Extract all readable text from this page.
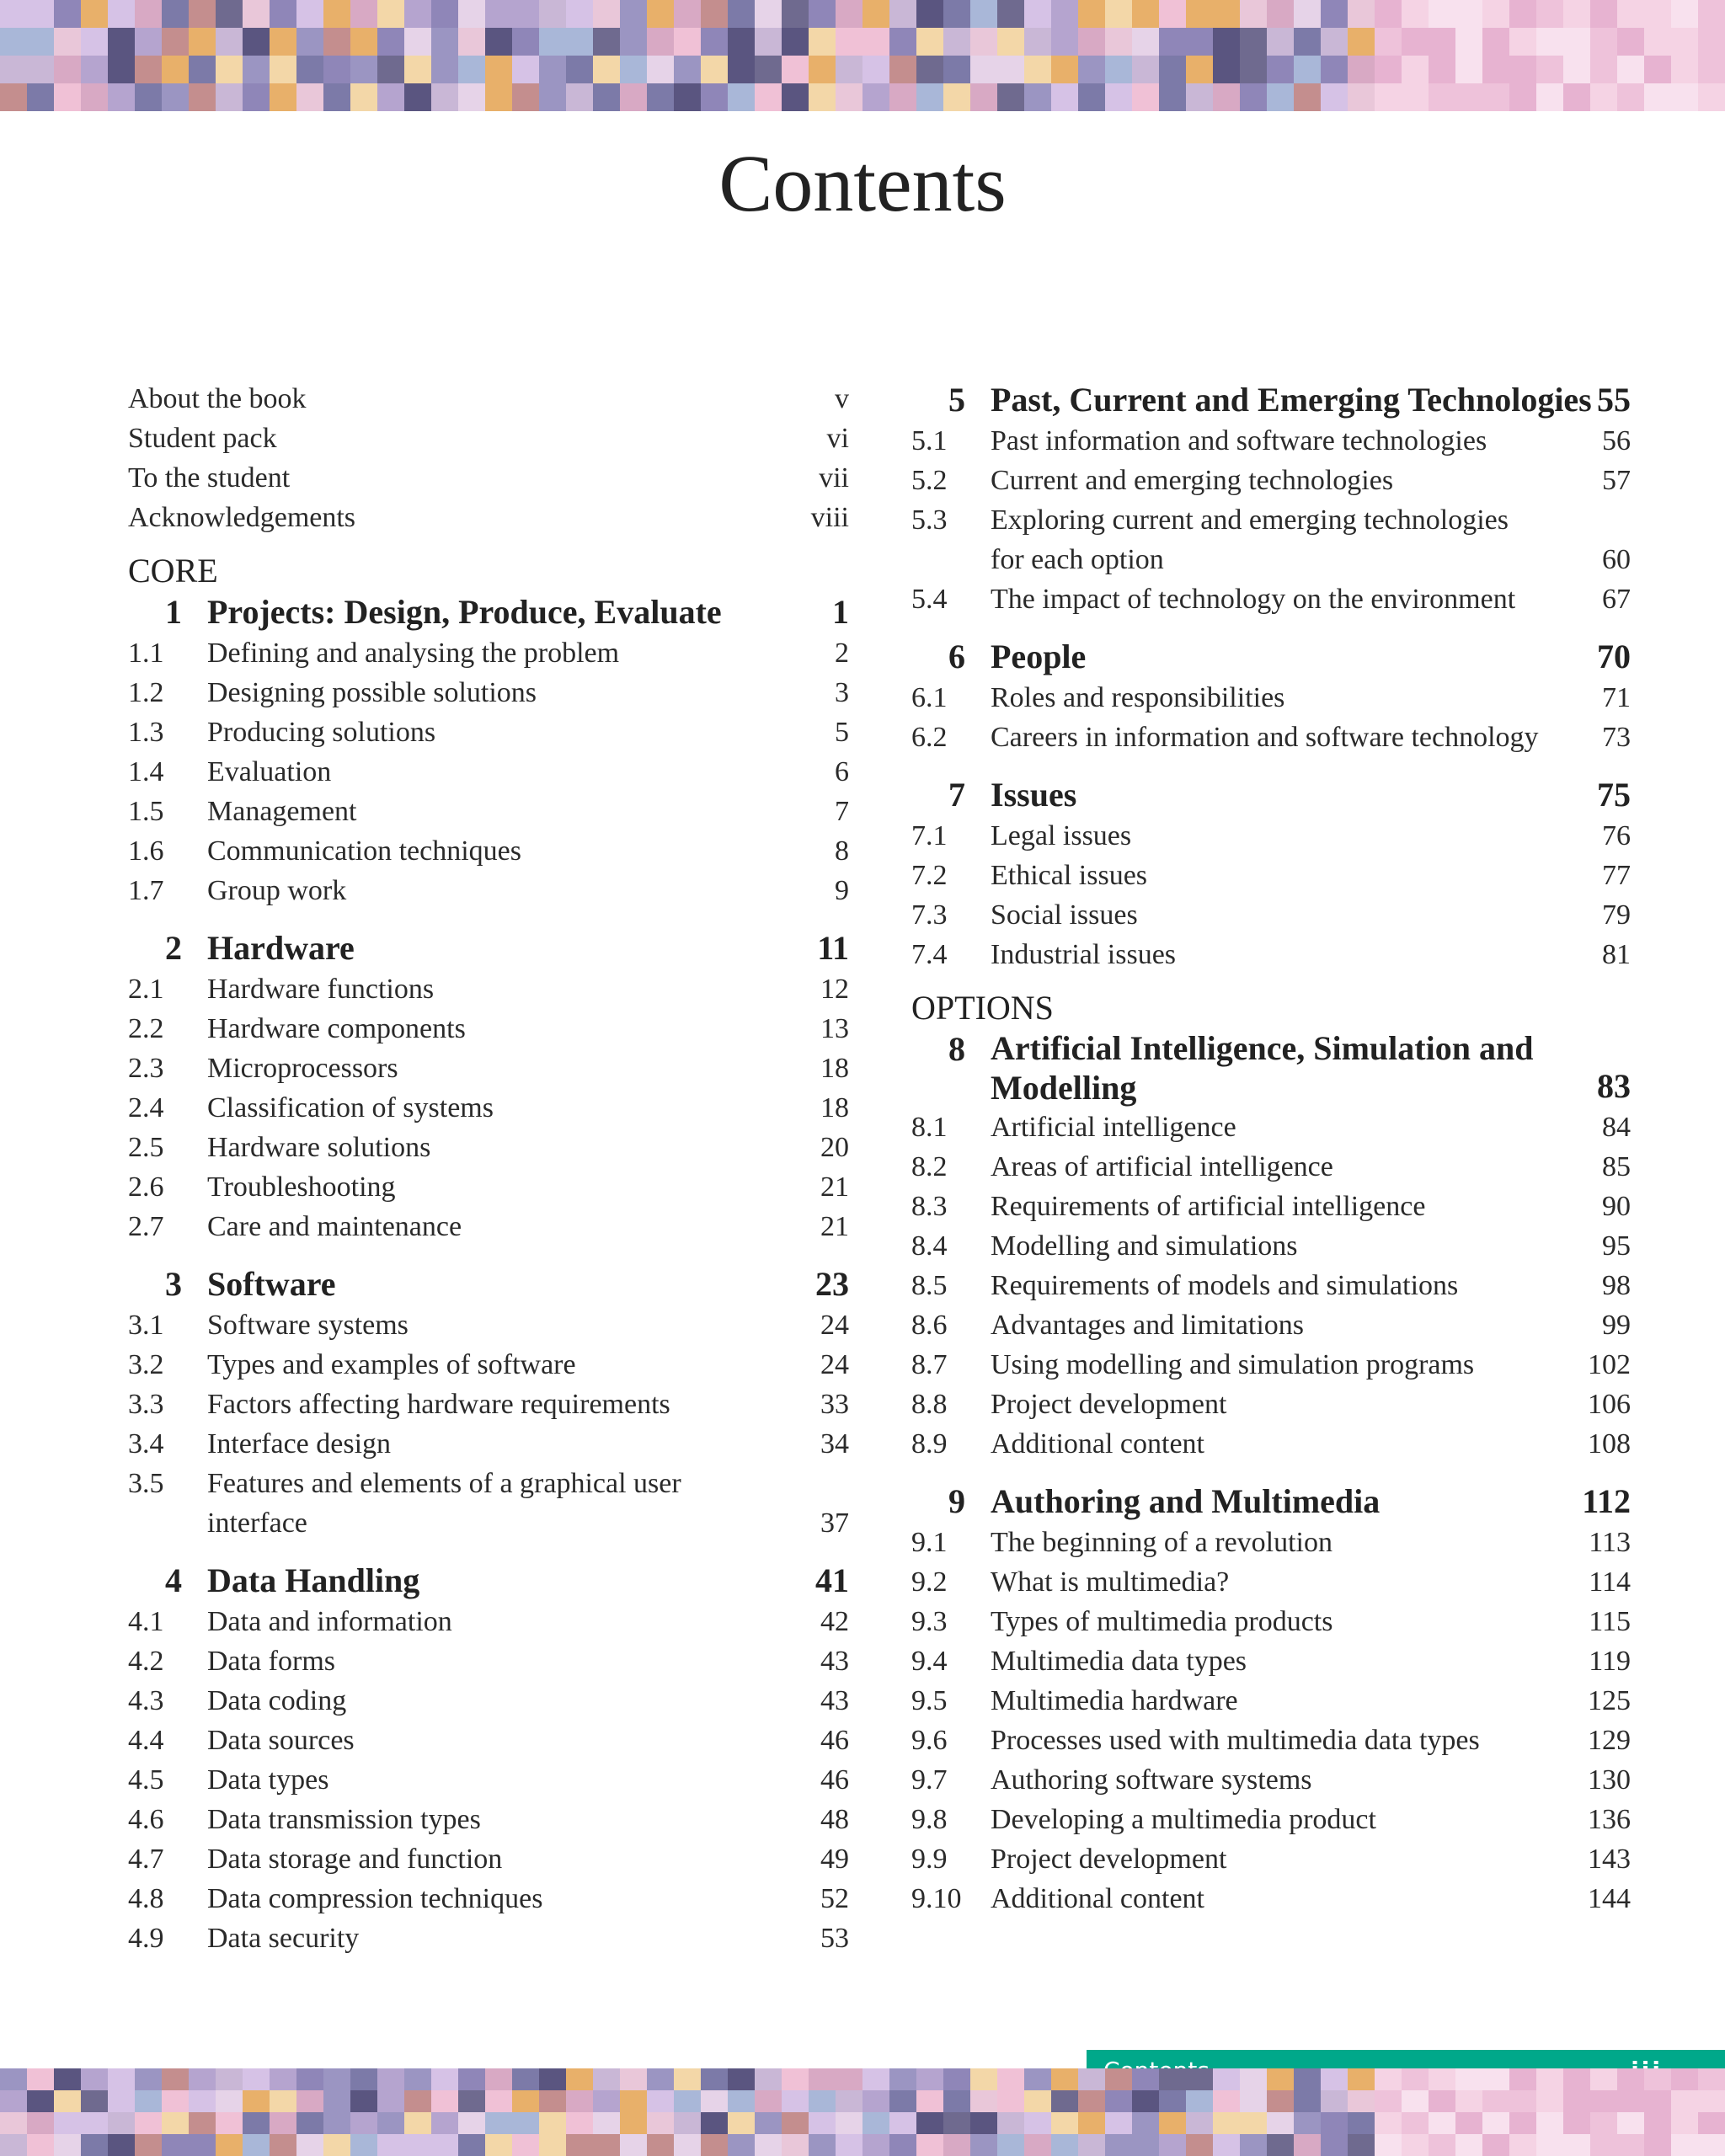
Contents
About the book	v
Student pack	vi
To the student	vii
Acknowledgements	viii
CORE
1 Projects: Design, Produce, Evaluate	1
1.1	Defining and analysing the problem	2
1.2	Designing possible solutions	3
1.3	Producing solutions	5
1.4	Evaluation	6
1.5	Management	7
1.6	Communication techniques	8
1.7	Group work	9
2 Hardware	11
2.1	Hardware functions	12
2.2	Hardware components	13
2.3	Microprocessors	18
2.4	Classification of systems	18
2.5	Hardware solutions	20
2.6	Troubleshooting	21
2.7	Care and maintenance	21
3 Software	23
3.1	Software systems	24
3.2	Types and examples of software	24
3.3	Factors affecting hardware requirements	33
3.4	Interface design	34
3.5	Features and elements of a graphical user
interface	37
4 Data Handling	41
4.1	Data and information	42
4.2	Data forms	43
4.3	Data coding	43
4.4	Data sources	46
4.5	Data types	46
4.6	Data transmission types	48
4.7	Data storage and function	49
4.8	Data compression techniques	52
4.9	Data security	53
5 Past, Current and Emerging Technologies 55
5.1	Past information and software technologies	56
5.2	Current and emerging technologies	57
5.3	Exploring current and emerging technologies
for each option	60
5.4	The impact of technology on the environment	67
6 People	70
6.1	Roles and responsibilities	71
6.2	Careers in information and software technology	73
7 Issues	75
7.1	Legal issues	76
7.2	Ethical issues	77
7.3	Social issues	79
7.4	Industrial issues	81
OPTIONS
8 Artificial Intelligence, Simulation and
Modelling	83
8.1	Artificial intelligence	84
8.2	Areas of artificial intelligence	85
8.3	Requirements of artificial intelligence	90
8.4	Modelling and simulations	95
8.5	Requirements of models and simulations	98
8.6	Advantages and limitations	99
8.7	Using modelling and simulation programs	102
8.8	Project development	106
8.9	Additional content	108
9 Authoring and Multimedia	112
9.1	The beginning of a revolution	113
9.2	What is multimedia?	114
9.3	Types of multimedia products	115
9.4	Multimedia data types	119
9.5	Multimedia hardware	125
9.6	Processes used with multimedia data types	129
9.7	Authoring software systems	130
9.8	Developing a multimedia product	136
9.9	Project development	143
9.10	Additional content	144
